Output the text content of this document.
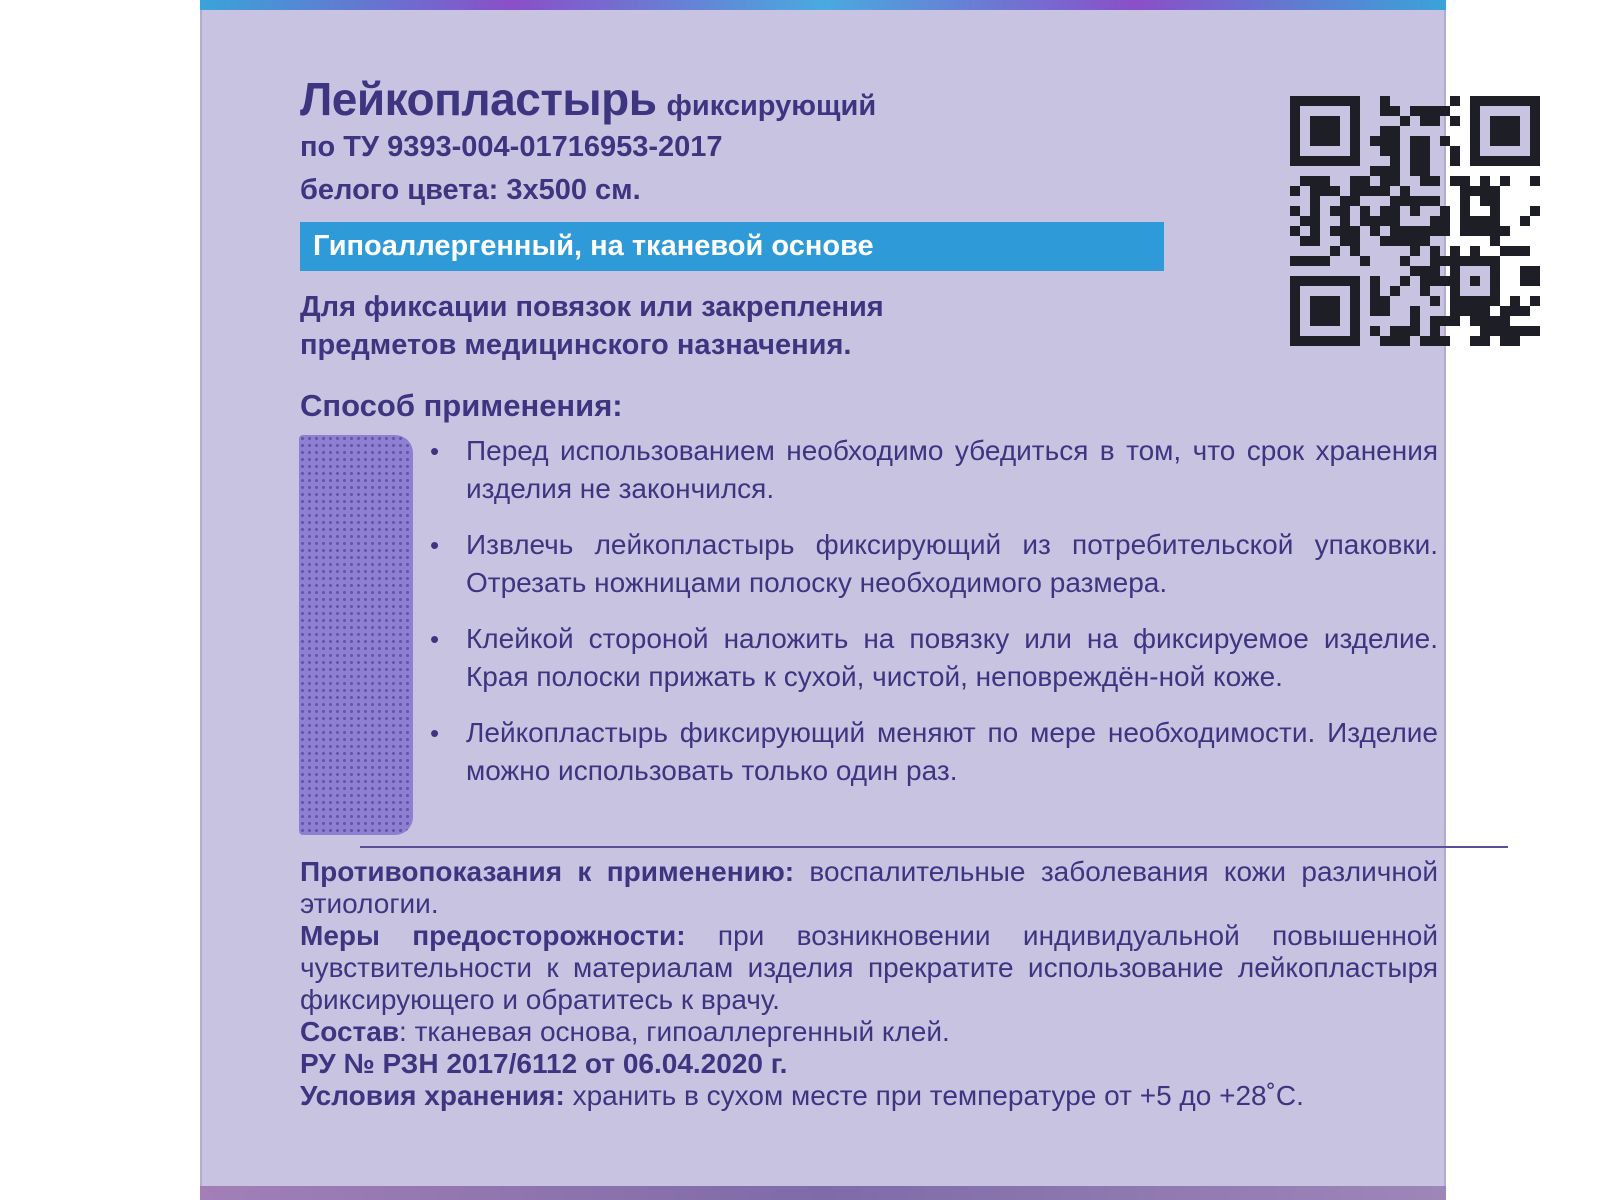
Лейкопластырь фиксирующий
по ТУ 9393-004-01716953-2017
белого цвета: 3х500 см.
Гипоаллергенный, на тканевой основе
Для фиксации повязок или закрепления
предметов медицинского назначения.
Способ применения:
• Перед использованием необходимо убедиться в том, что срок хранения изделия не закончился.
• Извлечь лейкопластырь фиксирующий из потребительской упаковки. Отрезать ножницами полоску необходимого размера.
• Клейкой стороной наложить на повязку или на фиксируемое изделие. Края полоски прижать к сухой, чистой, неповреждён-ной коже.
• Лейкопластырь фиксирующий меняют по мере необходимости. Изделие можно использовать только один раз.

Противопоказания к применению: воспалительные заболевания кожи различной этиологии.

Меры предосторожности: при возникновении индивидуальной повышенной чувствительности к материалам изделия прекратите использование лейкопластыря фиксирующего и обратитесь к врачу.

Состав: тканевая основа, гипоаллергенный клей.

РУ № РЗН 2017/6112 от 06.04.2020 г.

Условия хранения: хранить в сухом месте при температуре от +5 до +28˚С.
